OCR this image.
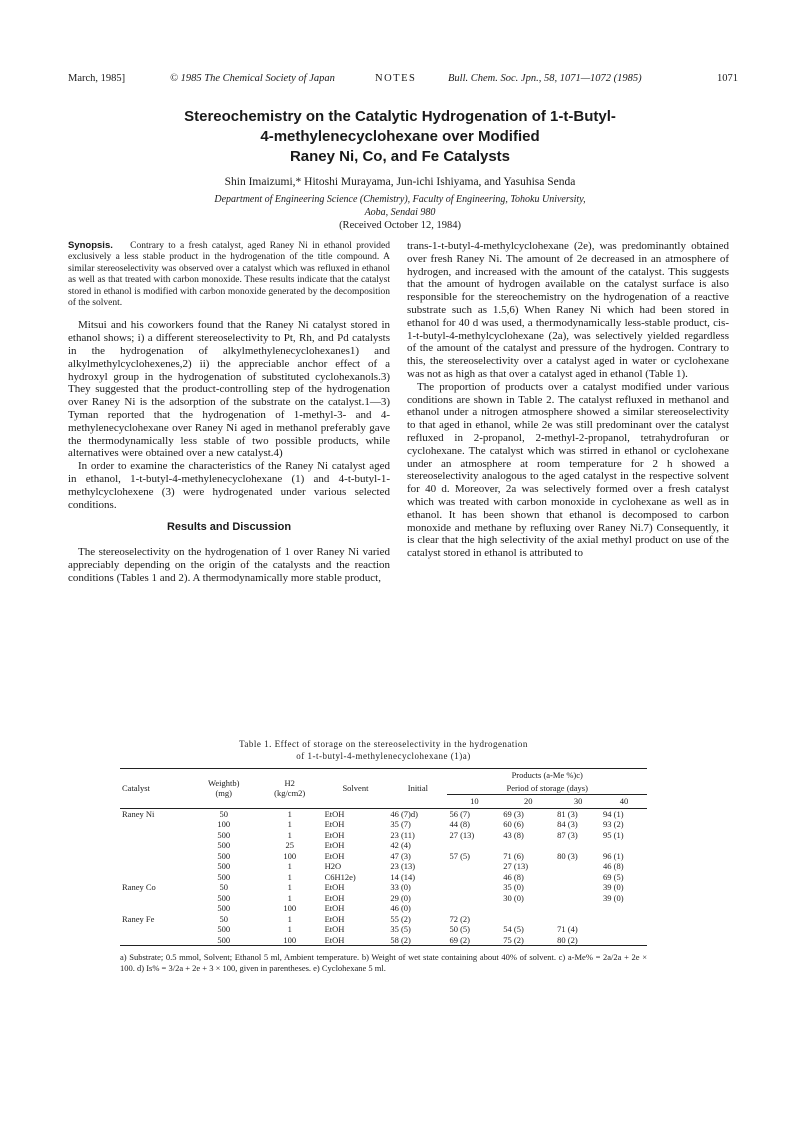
March, 1985]	© 1985 The Chemical Society of Japan	NOTES	Bull. Chem. Soc. Jpn., 58, 1071—1072 (1985)	1071
Stereochemistry on the Catalytic Hydrogenation of 1-t-Butyl-
4-methylenecyclohexane over Modified
Raney Ni, Co, and Fe Catalysts
Shin Imaizumi,* Hitoshi Murayama, Jun-ichi Ishiyama, and Yasuhisa Senda
Department of Engineering Science (Chemistry), Faculty of Engineering, Tohoku University,
Aoba, Sendai 980
(Received October 12, 1984)

Synopsis. Contrary to a fresh catalyst, aged Raney Ni in ethanol provided exclusively a less stable product in the hydrogenation of the title compound. A similar stereoselectivity was observed over a catalyst which was refluxed in ethanol as well as that treated with carbon monoxide. These results indicate that the catalyst stored in ethanol is modified with carbon monoxide generated by the decomposition of the solvent.

Mitsui and his coworkers found that the Raney Ni catalyst stored in ethanol shows; i) a different stereoselectivity to Pt, Rh, and Pd catalysts in the hydrogenation of alkylmethylenecyclohexanes1) and alkylmethylcyclohexenes,2) ii) the appreciable anchor effect of a hydroxyl group in the hydrogenation of substituted cyclohexanols.3) They suggested that the product-controlling step of the hydrogenation over Raney Ni is the adsorption of the substrate on the catalyst.1—3) Tyman reported that the hydrogenation of 1-methyl-3- and 4-methylenecyclohexane over Raney Ni aged in methanol preferably gave the thermodynamically less stable of two possible products, while alternatives were obtained over a new catalyst.4)

In order to examine the characteristics of the Raney Ni catalyst aged in ethanol, 1-t-butyl-4-methylenecyclohexane (1) and 4-t-butyl-1-methylcyclohexene (3) were hydrogenated under various selected conditions.

Results and Discussion

The stereoselectivity on the hydrogenation of 1 over Raney Ni varied appreciably depending on the origin of the catalysts and the reaction conditions (Tables 1 and 2). A thermodynamically more stable product,

trans-1-t-butyl-4-methylcyclohexane (2e), was predominantly obtained over fresh Raney Ni. The amount of 2e decreased in an atmosphere of hydrogen, and increased with the amount of the catalyst. This suggests that the amount of hydrogen available on the catalyst surface is also responsible for the stereochemistry on the hydrogenation of a reactive substrate such as 1.5,6) When Raney Ni which had been stored in ethanol for 40 d was used, a thermodynamically less-stable product, cis-1-t-butyl-4-methylcyclohexane (2a), was selectively yielded regardless of the amount of the catalyst and pressure of the hydrogen. Contrary to this, the stereoselectivity over a catalyst aged in water or cyclohexane was not as high as that over a catalyst aged in ethanol (Table 1).

The proportion of products over a catalyst modified under various conditions are shown in Table 2. The catalyst refluxed in methanol and ethanol under a nitrogen atmosphere showed a similar stereoselectivity to that aged in ethanol, while 2e was still predominant over the catalyst refluxed in 2-propanol, 2-methyl-2-propanol, tetrahydrofuran or cyclohexane. The catalyst which was stirred in ethanol or cyclohexane under an atmosphere at room temperature for 2 h showed a stereoselectivity analogous to the aged catalyst in the respective solvent for 40 d. Moreover, 2a was selectively formed over a fresh catalyst which was treated with carbon monoxide in cyclohexane as well as in ethanol. It has been shown that ethanol is decomposed to carbon monoxide and methane by refluxing over Raney Ni.7) Consequently, it is clear that the high selectivity of the axial methyl product on use of the catalyst stored in ethanol is attributed to

Table 1. Effect of storage on the stereoselectivity in the hydrogenation
of 1-t-butyl-4-methylenecyclohexane (1)a)
Catalyst	Weightb)
(mg)	H2
(kg/cm2)	Solvent	Initial	Products (a-Me %)c)			
					Period of storage (days)			
					10	20	30	40
Raney Ni	50	1	EtOH	46 (7)d)	56 (7)	69 (3)	81 (3)	94 (1)
	100	1	EtOH	35 (7)	44 (8)	60 (6)	84 (3)	93 (2)
	500	1	EtOH	23 (11)	27 (13)	43 (8)	87 (3)	95 (1)
	500	25	EtOH	42 (4)				
	500	100	EtOH	47 (3)	57 (5)	71 (6)	80 (3)	96 (1)
	500	1	H2O	23 (13)		27 (13)		46 (8)
	500	1	C6H12e)	14 (14)		46 (8)		69 (5)
Raney Co	50	1	EtOH	33 (0)		35 (0)		39 (0)
	500	1	EtOH	29 (0)		30 (0)		39 (0)
	500	100	EtOH	46 (0)				
Raney Fe	50	1	EtOH	55 (2)	72 (2)			
	500	1	EtOH	35 (5)	50 (5)	54 (5)	71 (4)	
	500	100	EtOH	58 (2)	69 (2)	75 (2)	80 (2)	
a) Substrate; 0.5 mmol, Solvent; Ethanol 5 ml, Ambient temperature. b) Weight of wet state containing about 40% of solvent. c) a-Me% = 2a/2a + 2e × 100. d) Is% = 3/2a + 2e + 3 × 100, given in parentheses. e) Cyclohexane 5 ml.
